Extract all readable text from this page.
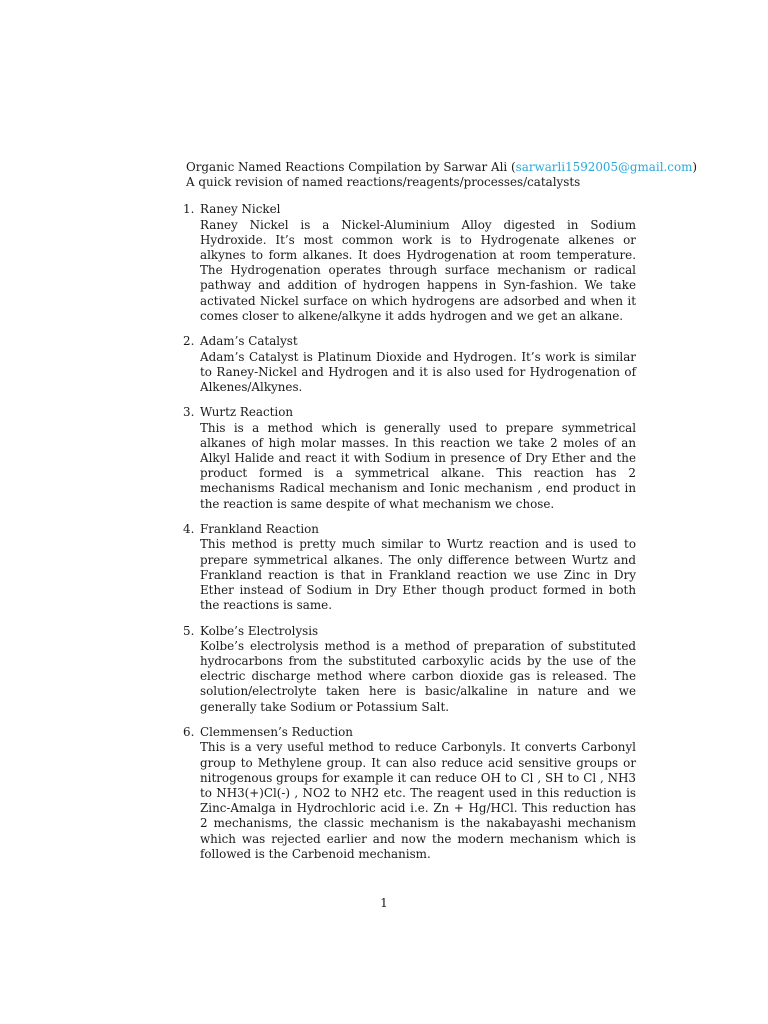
Organic Named Reactions Compilation by Sarwar Ali (sarwarli1592005@gmail.com)
A quick revision of named reactions/reagents/processes/catalysts
1. Raney Nickel
Raney Nickel is a Nickel-Aluminium Alloy digested in Sodium Hydroxide. It’s most common work is to Hydrogenate alkenes or alkynes to form alkanes. It does Hydrogenation at room temperature. The Hydrogenation operates through surface mechanism or radical pathway and addition of hydrogen happens in Syn-fashion. We take activated Nickel surface on which hydrogens are adsorbed and when it comes closer to alkene/alkyne it adds hydrogen and we get an alkane.
2. Adam’s Catalyst
Adam’s Catalyst is Platinum Dioxide and Hydrogen. It’s work is similar to Raney-Nickel and Hydrogen and it is also used for Hydrogenation of Alkenes/Alkynes.
3. Wurtz Reaction
This is a method which is generally used to prepare symmetrical alkanes of high molar masses. In this reaction we take 2 moles of an Alkyl Halide and react it with Sodium in presence of Dry Ether and the product formed is a symmetrical alkane. This reaction has 2 mechanisms Radical mechanism and Ionic mechanism , end product in the reaction is same despite of what mechanism we chose.
4. Frankland Reaction
This method is pretty much similar to Wurtz reaction and is used to prepare symmetrical alkanes. The only difference between Wurtz and Frankland reaction is that in Frankland reaction we use Zinc in Dry Ether instead of Sodium in Dry Ether though product formed in both the reactions is same.
5. Kolbe’s Electrolysis
Kolbe’s electrolysis method is a method of preparation of substituted hydrocarbons from the substituted carboxylic acids by the use of the electric discharge method where carbon dioxide gas is released. The solution/electrolyte taken here is basic/alkaline in nature and we generally take Sodium or Potassium Salt.
6. Clemmensen’s Reduction
This is a very useful method to reduce Carbonyls. It converts Carbonyl group to Methylene group. It can also reduce acid sensitive groups or nitrogenous groups for example it can reduce OH to Cl , SH to Cl , NH3 to NH3(+)Cl(-) , NO2 to NH2 etc. The reagent used in this reduction is Zinc-Amalga in Hydrochloric acid i.e. Zn + Hg/HCl. This reduction has 2 mechanisms, the classic mechanism is the nakabayashi mechanism which was rejected earlier and now the modern mechanism which is followed is the Carbenoid mechanism.
1
